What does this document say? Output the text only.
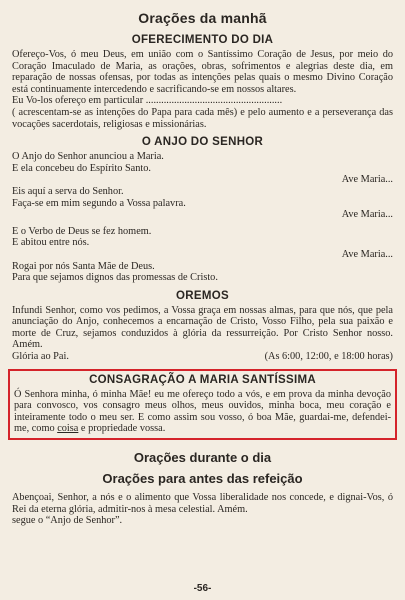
Orações da manhã
OFERECIMENTO DO DIA

Ofereço-Vos, ó meu Deus, em união com o Santíssimo Coração de Jesus, por meio do Coração Imaculado de Maria, as orações, obras, sofrimentos e alegrias deste dia, em reparação de nossas ofensas, por todas as intenções pelas quais o mesmo Divino Coração está continuamente intercedendo e sacrificando-se em nossos altares.

Eu Vo-los ofereço em particular .....................................................

( acrescentam-se as intenções do Papa para cada mês) e pelo aumento e a perseverança das vocações sacerdotais, religiosas e missionárias.

O ANJO DO SENHOR

O Anjo do Senhor anunciou a Maria.

E ela concebeu do Espírito Santo.

Ave Maria...

Eis aquí a serva do Senhor.

Faça-se em mim segundo a Vossa palavra.

Ave Maria...

E o Verbo de Deus se fez homem.

E abitou entre nós.

Ave Maria...

Rogai por nós Santa Mãe de Deus.

Para que sejamos dignos das promessas de Cristo.

OREMOS

Infundi Senhor, como vos pedimos, a Vossa graça em nossas almas, para que nós, que pela anunciação do Anjo, conhecemos a encarnação de Cristo, Vosso Filho, pela sua paixão e morte de Cruz, sejamos conduzidos à glória da ressurreição. Por Cristo Senhor nosso. Amém.

Glória ao Pai.	(As 6:00, 12:00, e 18:00 horas)
CONSAGRAÇÃO A MARIA SANTÍSSIMA

Ó Senhora minha, ó minha Mãe! eu me ofereço todo a vós, e em prova da minha devoção para convosco, vos consagro meus olhos, meus ouvidos, minha boca, meu coração e inteiramente todo o meu ser. E como assim sou vosso, ó boa Mãe, guardai-me, defendei-me, como coisa e propriedade vossa.

Orações durante o dia
Orações para antes das refeição

Abençoai, Senhor, a nós e o alimento que Vossa liberalidade nos concede, e dignai-Vos, ó Rei da eterna glória, admitir-nos à mesa celestial. Amém.

segue o “Anjo de Senhor”.

-56-
